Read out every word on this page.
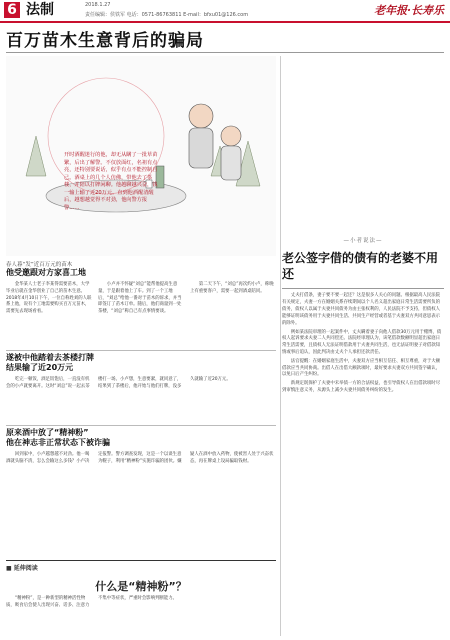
6 法制	2018.1.27
责任编辑：侯铁军 电话：0571-86763811 E-mail：bfxu01@126.com	老年报·长寿乐
百万苗木生意背后的骗局
开时酒醒迷行的他，却无从瞒了一批草苗繁，后出了解警。不仅放面红，名祖有点亮，还特别要说话，似乎有点不能控制自己。酒桌上的几个人仿佛，带他去了茶楼，并陪以打牌闲聊。他越聊越兴奋，钱一输上输了近20万元。直到他酒醒清醒后，越想越觉得不对劲，他向警方报警……
春人暮“发”近百万元的苗木
他受邀跟对方家喜工地

金华某人士老子李某得需要苗木，大学毕业后就在金华创业了自己的苗木生意。2018年4月10日下午，一位自称姓刘的人联系上他，说有个工地需要购买百万元苗木，需要先去现场看看。

小卢并不怀疑“刘总”能帮他提高生意量，于是跟着他上了车。到了一个工地后，“刘总”给他一番对于苗木的诉求，并当即签订了苗木订单。随后，他们商量到一处茶楼，“刘总”称自己有点事情要谈。

第二天下午，“刘总”再次约小卢，称晚上有重要客户，需要一起到酒桌陪同。

遂被中他踏着去茶楼打牌
结果输了近20万元

吃完一顿饭，酒足饭饱后，一直没有机会的小卢就要离开。这时“刘总”说一起去茶楼打一场。小卢想，生意要紧，就同意了，结果到了茶楼后，他开始与他们打牌，没多久就输了近20万元。

原来酒中放了“精神粉”
他在神志非正常状态下被诈骗

回到家中，小卢越想越不对劲。他一喝酒就头脑不清，怎么会输这么多钱？小卢决定报警。警方调查发现，这是一个以谈生意为幌子，利用“精神粉”实施诈骗的团伙。嫌疑人在酒中放入药物，使被害人处于兴奋状态，再在牌桌上设局骗取钱财。

■ 延伸阅读
什么是“精神粉”？

“精神粉”，是一种新型的精神活性物质，吸食后会使人出现兴奋、话多、注意力不集中等症状，严重时会影响判断能力。

—小者说法—
老公签字借的债有的老婆不用还

丈夫打借条，妻子要不要一起还？这是很多人关心的问题。根据最高人民法院有关规定，夫妻一方在婚姻关系存续期间以个人名义超出家庭日常生活需要所负的债务，债权人以属于夫妻共同债务为由主张权利的，人民法院不予支持，但债权人能够证明该债务用于夫妻共同生活、共同生产经营或者基于夫妻双方共同意思表示的除外。

例如某法院审理的一起案件中，丈夫瞒着妻子向他人借款30万元用于赌博，债权人起诉要求夫妻二人共同偿还。法院经审理认为，该笔借款数额明显超出家庭日常生活需要，且债权人无法证明借款用于夫妻共同生活，也无法证明妻子对借款知情或事后追认，因此判决由丈夫个人承担还款责任。

法官提醒：在婚姻家庭生活中，夫妻双方应当相互信任、相互尊重，对于大额借款应当共同协商。出借人在出借大额款项时，最好要求夫妻双方共同签字确认，以免日后产生纠纷。

新规定既保护了夫妻中未举债一方的合法权益，也引导债权人在出借款项时尽到审慎注意义务，从源头上减少夫妻共同债务纠纷的发生。
